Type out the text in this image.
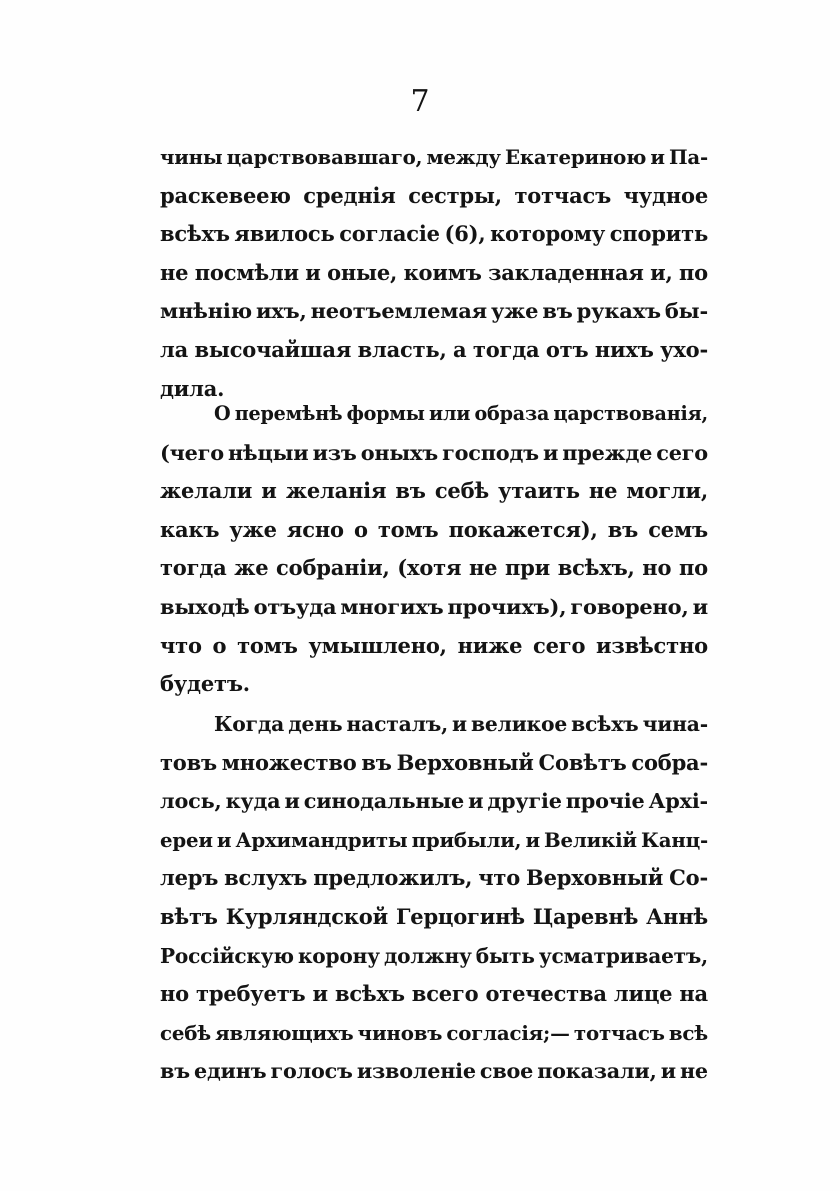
7
чины царствовавшаго, между Екатериною и Па-
раскевеею среднія сестры, тотчасъ чудное
всѣхъ явилось согласіе (6), которому спорить
не посмѣли и оные, коимъ закладенная и, по
мнѣнію ихъ, неотъемлемая уже въ рукахъ бы-
ла высочайшая власть, а тогда отъ нихъ ухо-
дила.
О перемѣнѣ формы или образа царствованія,
(чего нѣцыи изъ оныхъ господъ и прежде сего
желали и желанія въ себѣ утаить не могли,
какъ уже ясно о томъ покажется), въ семъ
тогда же собраніи, (хотя не при всѣхъ, но по
выходѣ отъуда многихъ прочихъ), говорено, и
что о томъ умышлено, ниже сего извѣстно
будетъ.
Когда день насталъ, и великое всѣхъ чина-
товъ множество въ Верховный Совѣтъ собра-
лось, куда и синодальные и другіе прочіе Архі-
ереи и Архимандриты прибыли, и Великій Канц-
леръ вслухъ предложилъ, что Верховный Со-
вѣтъ Курляндской Герцогинѣ Царевнѣ Аннѣ
Россійскую корону должну быть усматриваетъ,
но требуетъ и всѣхъ всего отечества лице на
себѣ являющихъ чиновъ согласія;— тотчасъ всѣ
въ единъ голосъ изволеніе свое показали, и не
